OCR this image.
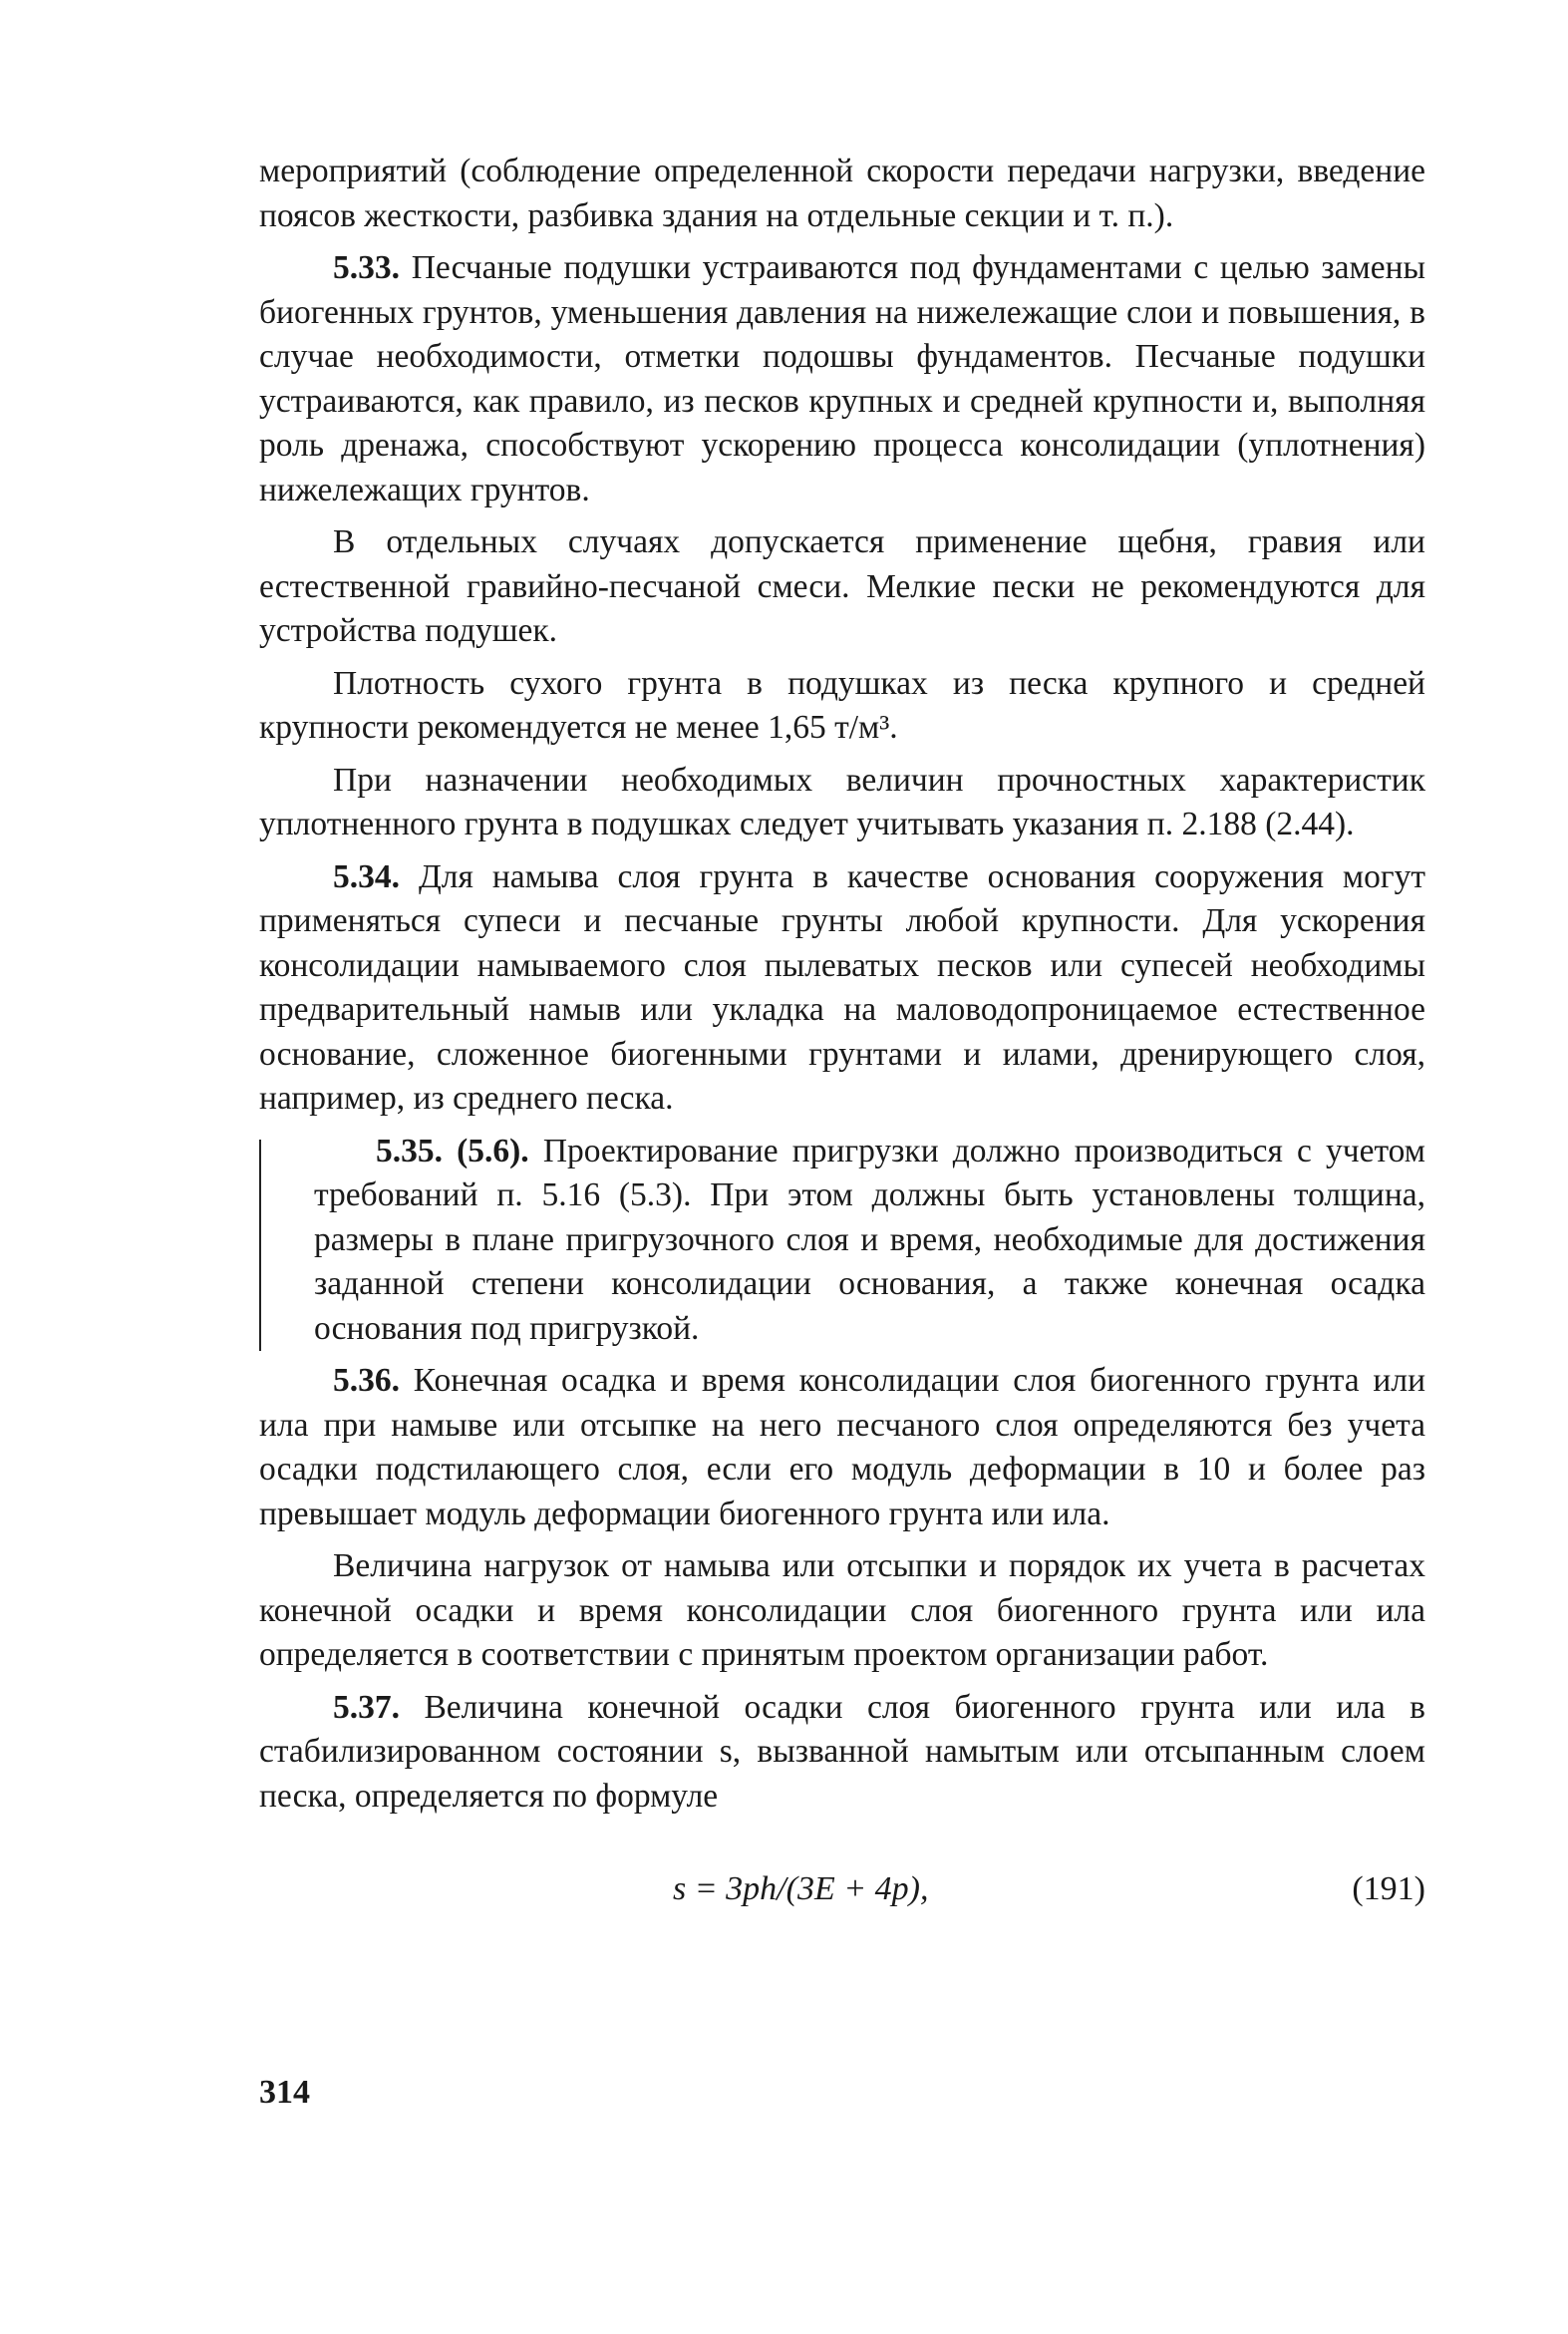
мероприятий (соблюдение определенной скорости передачи нагрузки, введение поясов жесткости, разбивка здания на отдельные секции и т. п.).

5.33. Песчаные подушки устраиваются под фундаментами с целью замены биогенных грунтов, уменьшения давления на нижележащие слои и повышения, в случае необходимости, отметки подошвы фундаментов. Песчаные подушки устраиваются, как правило, из песков крупных и средней крупности и, выполняя роль дренажа, способствуют ускорению процесса консолидации (уплотнения) нижележащих грунтов.

В отдельных случаях допускается применение щебня, гравия или естественной гравийно-песчаной смеси. Мелкие пески не рекомендуются для устройства подушек.

Плотность сухого грунта в подушках из песка крупного и средней крупности рекомендуется не менее 1,65 т/м³.

При назначении необходимых величин прочностных характеристик уплотненного грунта в подушках следует учитывать указания п. 2.188 (2.44).

5.34. Для намыва слоя грунта в качестве основания сооружения могут применяться супеси и песчаные грунты любой крупности. Для ускорения консолидации намываемого слоя пылеватых песков или супесей необходимы предварительный намыв или укладка на маловодопроницаемое естественное основание, сложенное биогенными грунтами и илами, дренирующего слоя, например, из среднего песка.

5.35. (5.6). Проектирование пригрузки должно производиться с учетом требований п. 5.16 (5.3). При этом должны быть установлены толщина, размеры в плане пригрузочного слоя и время, необходимые для достижения заданной степени консолидации основания, а также конечная осадка основания под пригрузкой.

5.36. Конечная осадка и время консолидации слоя биогенного грунта или ила при намыве или отсыпке на него песчаного слоя определяются без учета осадки подстилающего слоя, если его модуль деформации в 10 и более раз превышает модуль деформации биогенного грунта или ила.

Величина нагрузок от намыва или отсыпки и порядок их учета в расчетах конечной осадки и время консолидации слоя биогенного грунта или ила определяется в соответствии с принятым проектом организации работ.

5.37. Величина конечной осадки слоя биогенного грунта или ила в стабилизированном состоянии s, вызванной намытым или отсыпанным слоем песка, определяется по формуле

s = 3ph/(3E + 4p),	(191)
314
